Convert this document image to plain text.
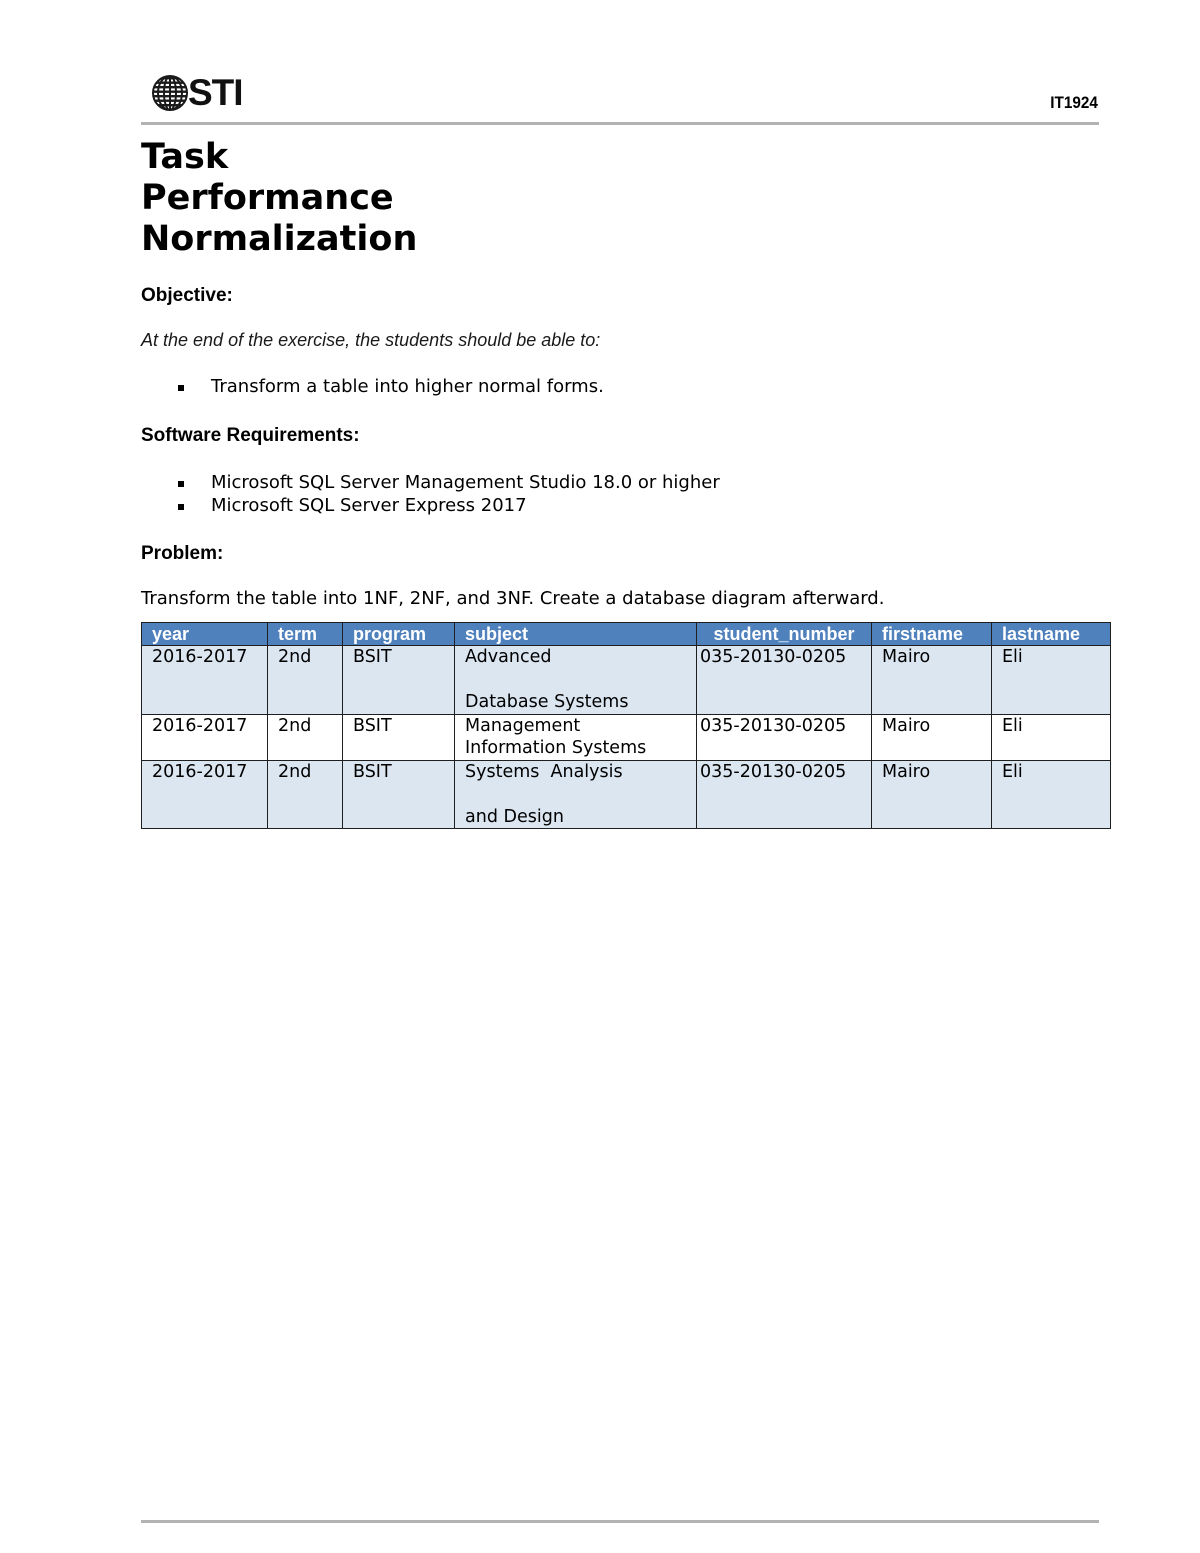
STI	IT1924
Task
Performance
Normalization
Objective:
At the end of the exercise, the students should be able to:
Transform a table into higher normal forms.
Software Requirements:
Microsoft SQL Server Management Studio 18.0 or higher
Microsoft SQL Server Express 2017
Problem:
Transform the table into 1NF, 2NF, and 3NF. Create a database diagram afterward.
year	term	program	subject	student_number	firstname	lastname
2016-2017	2nd	BSIT	Advanced
Database Systems	035-20130-0205	Mairo	Eli
2016-2017	2nd	BSIT	Management
Information Systems	035-20130-0205	Mairo	Eli
2016-2017	2nd	BSIT	Systems  Analysis
and Design	035-20130-0205	Mairo	Eli
